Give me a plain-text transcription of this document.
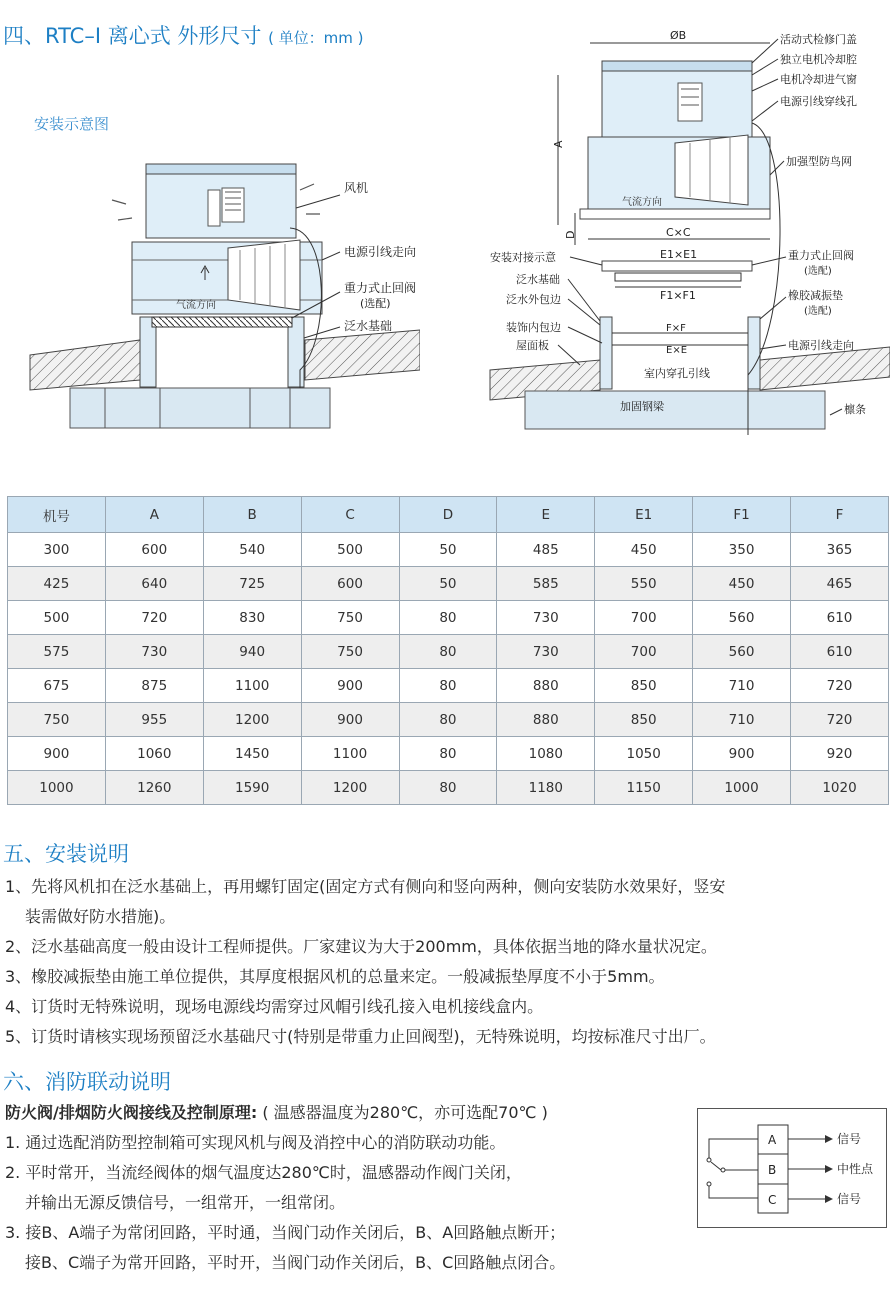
四、RTC–I 离心式 外形尺寸 ( 单位：mm )
安装示意图
气流方向
风机
电源引线走向
重力式止回阀
(选配)
泛水基础
ØB
气流方向
A
D	C×C
E1×E1
F1×F1
F×F
E×E
活动式检修门盖
独立电机冷却腔
电机冷却进气窗
电源引线穿线孔
加强型防鸟网
重力式止回阀
(选配)
橡胶减振垫
(选配)
电源引线走向
檩条
安装对接示意
泛水基础
泛水外包边
装饰内包边
屋面板
室内穿孔引线
加固钢梁
机号	A	B	C	D	E	E1	F1	F
300	600	540	500	50	485	450	350	365
425	640	725	600	50	585	550	450	465
500	720	830	750	80	730	700	560	610
575	730	940	750	80	730	700	560	610
675	875	1100	900	80	880	850	710	720
750	955	1200	900	80	880	850	710	720
900	1060	1450	1100	80	1080	1050	900	920
1000	1260	1590	1200	80	1180	1150	1000	1020
五、安装说明
1、先将风机扣在泛水基础上，再用螺钉固定(固定方式有侧向和竖向两种，侧向安装防水效果好，竖安
装需做好防水措施)。
2、泛水基础高度一般由设计工程师提供。厂家建议为大于200mm，具体依据当地的降水量状况定。
3、橡胶减振垫由施工单位提供，其厚度根据风机的总量来定。一般减振垫厚度不小于5mm。
4、订货时无特殊说明，现场电源线均需穿过风帽引线孔接入电机接线盒内。
5、订货时请核实现场预留泛水基础尺寸(特别是带重力止回阀型)，无特殊说明，均按标准尺寸出厂。
六、消防联动说明
防火阀/排烟防火阀接线及控制原理: ( 温感器温度为280℃，亦可选配70℃ )
1. 通过选配消防型控制箱可实现风机与阀及消控中心的消防联动功能。
2. 平时常开，当流经阀体的烟气温度达280℃时，温感器动作阀门关闭，
并输出无源反馈信号，一组常开，一组常闭。
3. 接B、A端子为常闭回路，平时通，当阀门动作关闭后，B、A回路触点断开；
接B、C端子为常开回路，平时开，当阀门动作关闭后，B、C回路触点闭合。
A
B
C
信号
中性点
信号
